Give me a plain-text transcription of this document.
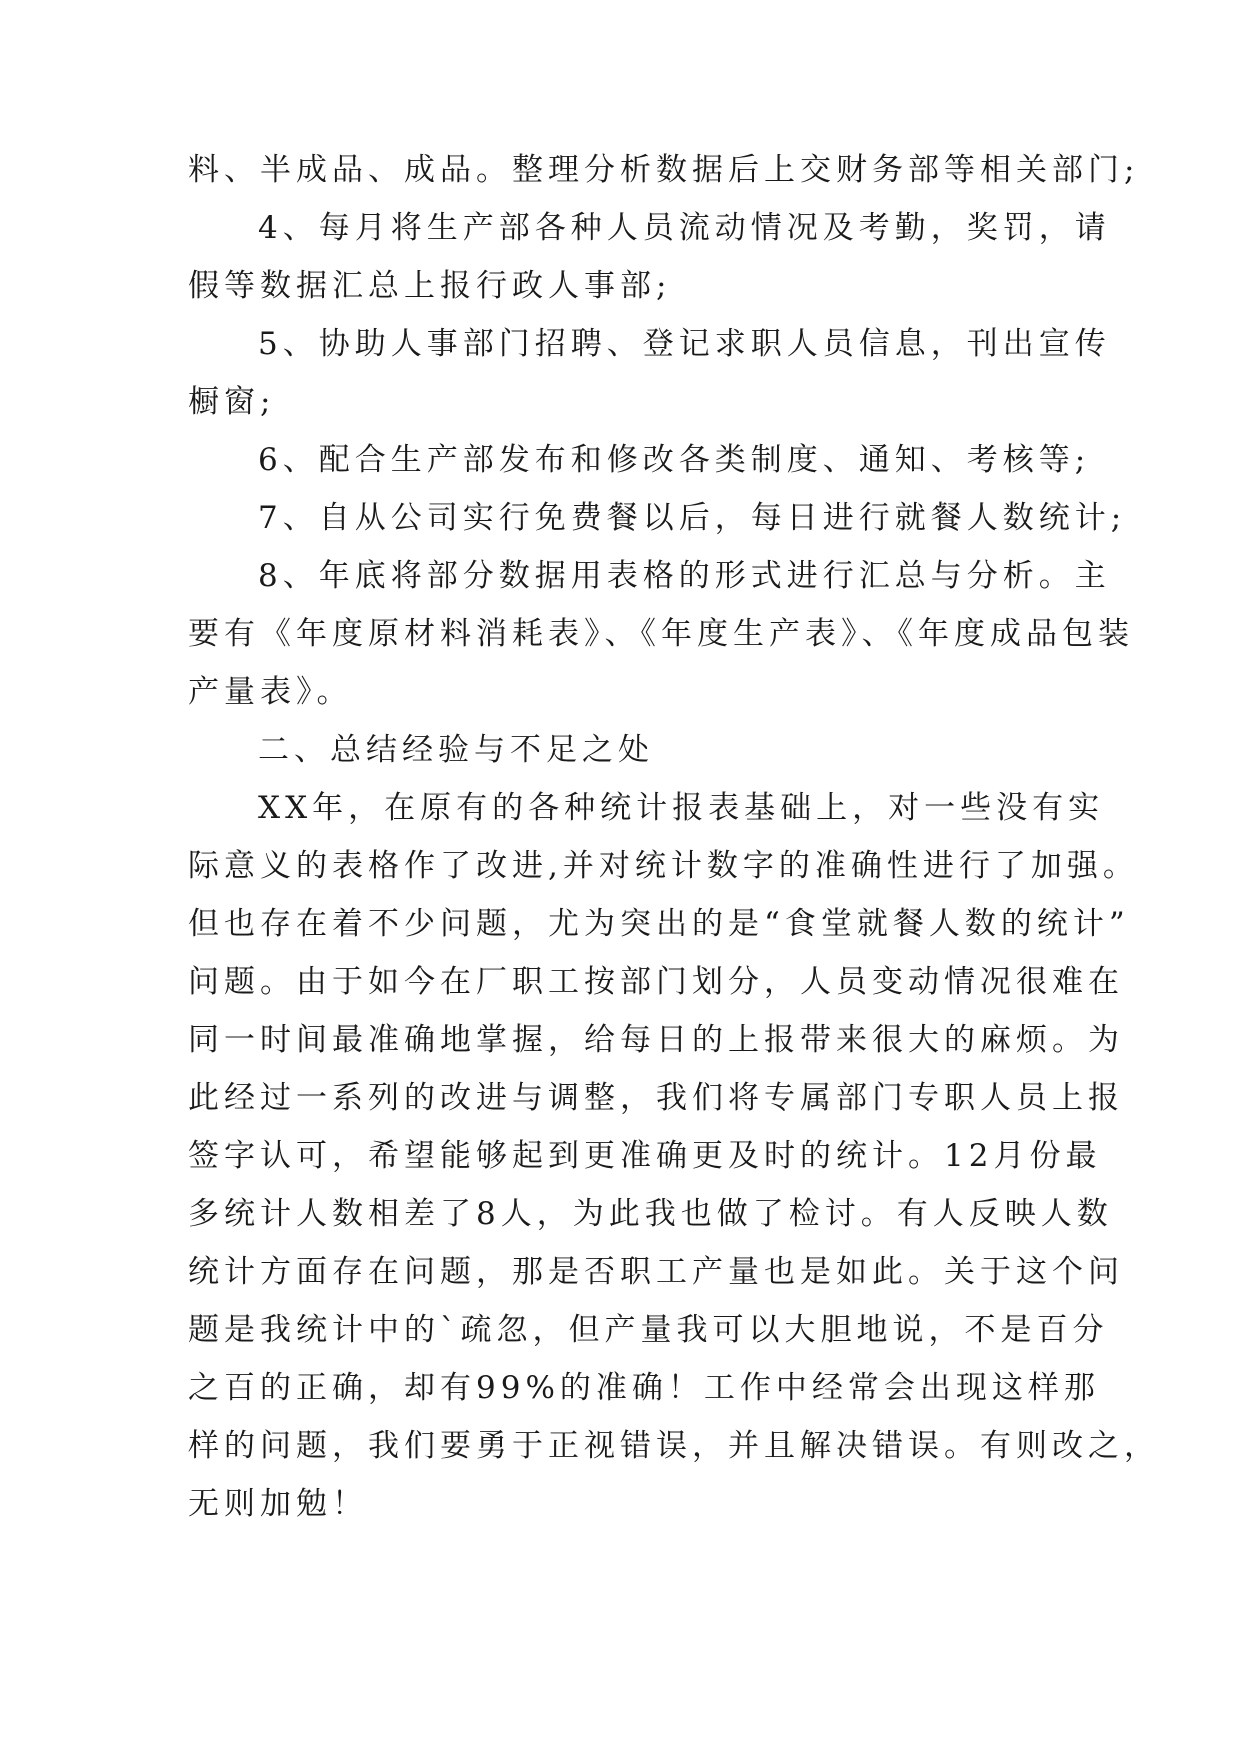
料、半成品、成品。整理分析数据后上交财务部等相关部门;
4、每月将生产部各种人员流动情况及考勤，奖罚，请
假等数据汇总上报行政人事部;
5、协助人事部门招聘、登记求职人员信息，刊出宣传
橱窗;
6、配合生产部发布和修改各类制度、通知、考核等;
7、自从公司实行免费餐以后，每日进行就餐人数统计;
8、年底将部分数据用表格的形式进行汇总与分析。主
要有《年度原材料消耗表》、《年度生产表》、《年度成品包装
产量表》。
二、总结经验与不足之处
XX年，在原有的各种统计报表基础上，对一些没有实
际意义的表格作了改进,并对统计数字的准确性进行了加强。
但也存在着不少问题，尤为突出的是“食堂就餐人数的统计”
问题。由于如今在厂职工按部门划分，人员变动情况很难在
同一时间最准确地掌握，给每日的上报带来很大的麻烦。为
此经过一系列的改进与调整，我们将专属部门专职人员上报
签字认可，希望能够起到更准确更及时的统计。12月份最
多统计人数相差了8人，为此我也做了检讨。有人反映人数
统计方面存在问题，那是否职工产量也是如此。关于这个问
题是我统计中的`疏忽，但产量我可以大胆地说，不是百分
之百的正确，却有99%的准确！工作中经常会出现这样那
样的问题，我们要勇于正视错误，并且解决错误。有则改之，
无则加勉！
